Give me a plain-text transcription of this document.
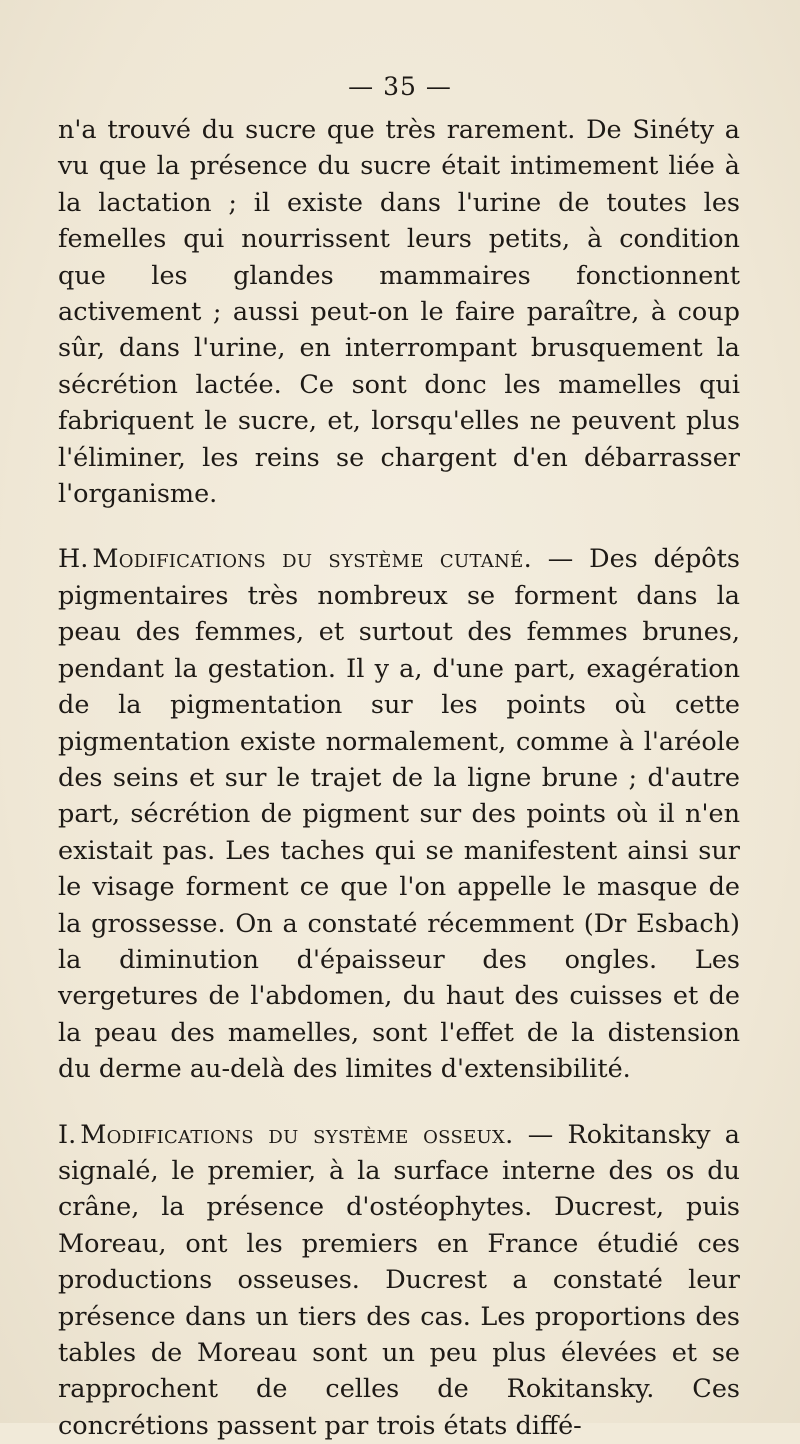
— 35 —

n'a trouvé du sucre que très rarement. De Sinéty a vu que la présence du sucre était intimement liée à la lactation ; il existe dans l'urine de toutes les femelles qui nourrissent leurs petits, à condition que les glandes mammaires fonctionnent activement ; aussi peut-on le faire paraître, à coup sûr, dans l'urine, en interrompant brusquement la sécrétion lactée. Ce sont donc les mamelles qui fabriquent le sucre, et, lorsqu'elles ne peuvent plus l'éliminer, les reins se chargent d'en débarrasser l'organisme.

H. Modifications du système cutané. — Des dépôts pigmentaires très nombreux se forment dans la peau des femmes, et surtout des femmes brunes, pendant la gestation. Il y a, d'une part, exagération de la pigmentation sur les points où cette pigmentation existe normalement, comme à l'aréole des seins et sur le trajet de la ligne brune ; d'autre part, sécrétion de pigment sur des points où il n'en existait pas. Les taches qui se manifestent ainsi sur le visage forment ce que l'on appelle le masque de la grossesse. On a constaté récemment (Dr Esbach) la diminution d'épaisseur des ongles. Les vergetures de l'abdomen, du haut des cuisses et de la peau des mamelles, sont l'effet de la distension du derme au-delà des limites d'extensibilité.

I. Modifications du système osseux. — Rokitansky a signalé, le premier, à la surface interne des os du crâne, la présence d'ostéophytes. Ducrest, puis Moreau, ont les premiers en France étudié ces productions osseuses. Ducrest a constaté leur présence dans un tiers des cas. Les proportions des tables de Moreau sont un peu plus élevées et se rapprochent de celles de Rokitansky. Ces concrétions passent par trois états diffé-
